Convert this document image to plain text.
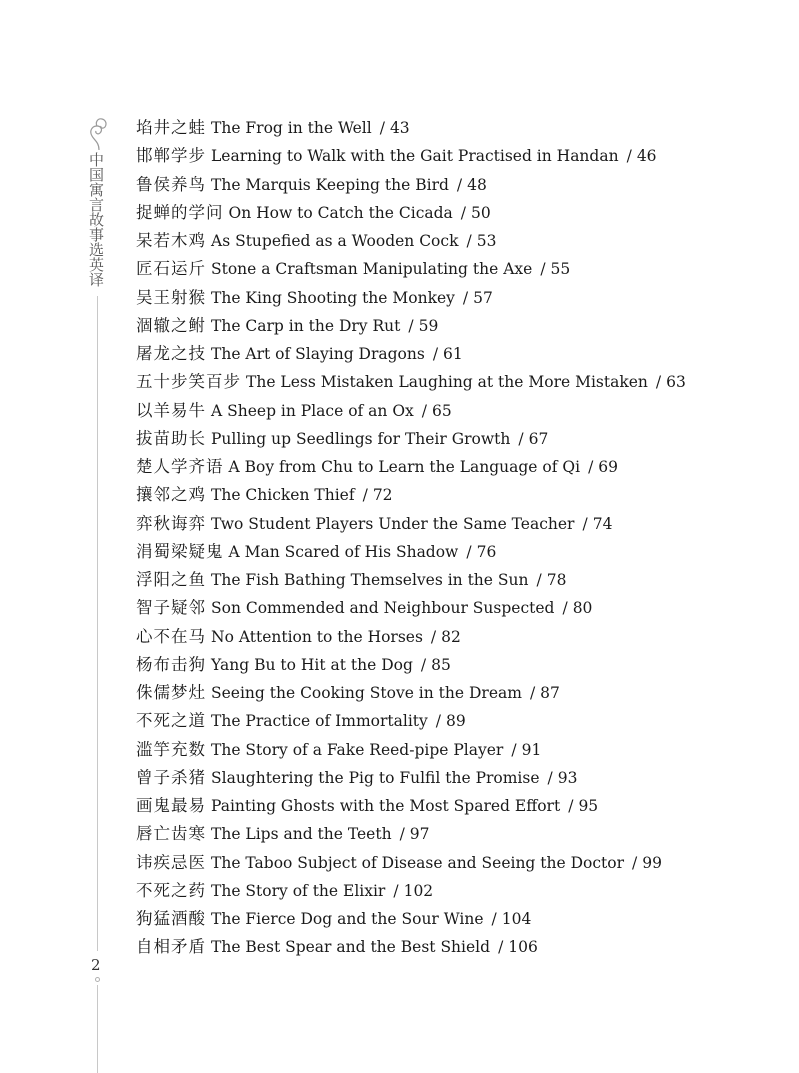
中国寓言故事选英译
2
埳井之蛙 The Frog in the Well / 43
邯郸学步 Learning to Walk with the Gait Practised in Handan / 46
鲁侯养鸟 The Marquis Keeping the Bird / 48
捉蝉的学问 On How to Catch the Cicada / 50
呆若木鸡 As Stupefied as a Wooden Cock / 53
匠石运斤 Stone a Craftsman Manipulating the Axe / 55
吴王射猴 The King Shooting the Monkey / 57
涸辙之鲋 The Carp in the Dry Rut / 59
屠龙之技 The Art of Slaying Dragons / 61
五十步笑百步 The Less Mistaken Laughing at the More Mistaken / 63
以羊易牛 A Sheep in Place of an Ox / 65
拔苗助长 Pulling up Seedlings for Their Growth / 67
楚人学齐语 A Boy from Chu to Learn the Language of Qi / 69
攘邻之鸡 The Chicken Thief / 72
弈秋诲弈 Two Student Players Under the Same Teacher / 74
涓蜀梁疑鬼 A Man Scared of His Shadow / 76
浮阳之鱼 The Fish Bathing Themselves in the Sun / 78
智子疑邻 Son Commended and Neighbour Suspected / 80
心不在马 No Attention to the Horses / 82
杨布击狗 Yang Bu to Hit at the Dog / 85
侏儒梦灶 Seeing the Cooking Stove in the Dream / 87
不死之道 The Practice of Immortality / 89
滥竽充数 The Story of a Fake Reed-pipe Player / 91
曾子杀猪 Slaughtering the Pig to Fulfil the Promise / 93
画鬼最易 Painting Ghosts with the Most Spared Effort / 95
唇亡齿寒 The Lips and the Teeth / 97
讳疾忌医 The Taboo Subject of Disease and Seeing the Doctor / 99
不死之药 The Story of the Elixir / 102
狗猛酒酸 The Fierce Dog and the Sour Wine / 104
自相矛盾 The Best Spear and the Best Shield / 106
